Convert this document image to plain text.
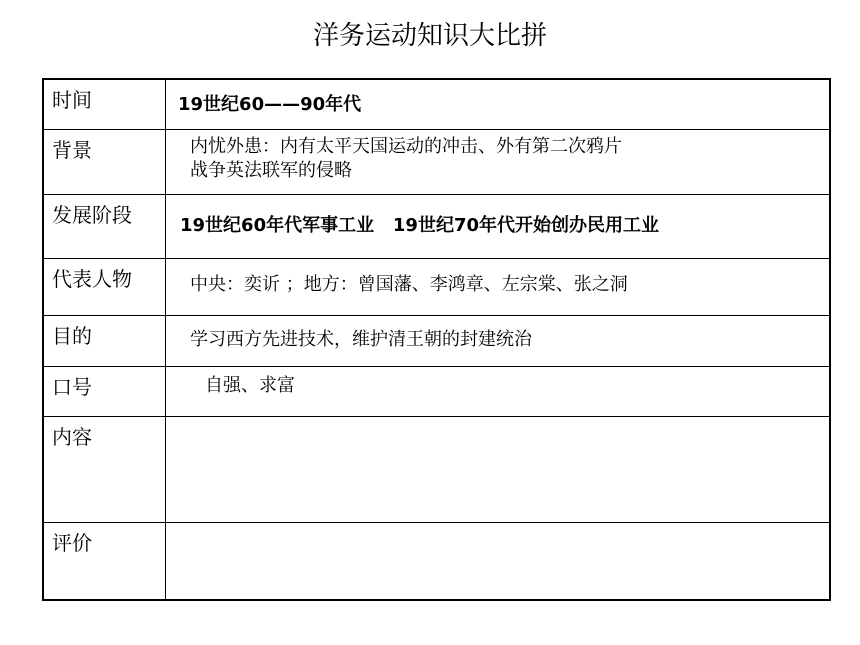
洋务运动知识大比拼
时间	19世纪60——90年代
背景	内忧外患：内有太平天国运动的冲击、外有第二次鸦片
战争英法联军的侵略
发展阶段	19世纪60年代军事工业   19世纪70年代开始创办民用工业
代表人物	中央：奕䜣 ；地方：曾国藩、李鸿章、左宗棠、张之洞
目的	学习西方先进技术，维护清王朝的封建统治
口号	自强、求富
内容
评价
